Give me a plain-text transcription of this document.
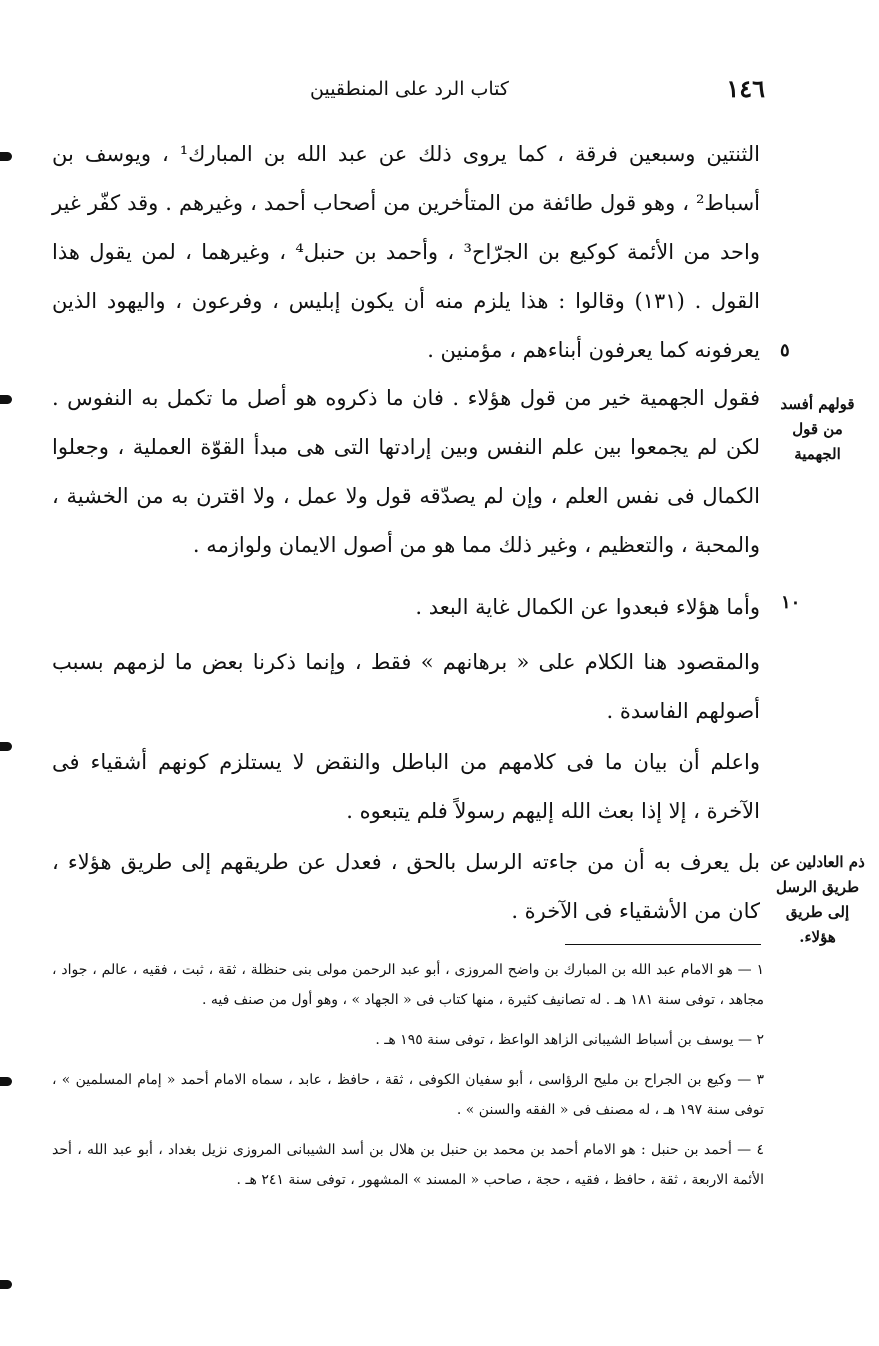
١٤٦
كتاب الرد على المنطقيين
٥
١٠
قولهم أفسد من قول الجهمية
ذم العادلين عن طريق الرسل إلى طريق هؤلاء.

الثنتين وسبعين فرقة ، كما يروى ذلك عن عبد الله بن المبارك¹ ، ويوسف بن أسباط² ، وهو قول طائفة من المتأخرين من أصحاب أحمد ، وغيرهم . وقد كفّر غير واحد من الأئمة كوكيع بن الجرّاح³ ، وأحمد بن حنبل⁴ ، وغيرهما ، لمن يقول هذا القول . (١٣١) وقالوا : هذا يلزم منه أن يكون إبليس ، وفرعون ، واليهود الذين يعرفونه كما يعرفون أبناءهم ، مؤمنين .

فقول الجهمية خير من قول هؤلاء . فان ما ذكروه هو أصل ما تكمل به النفوس . لكن لم يجمعوا بين علم النفس وبين إرادتها التى هى مبدأ القوّة العملية ، وجعلوا الكمال فى نفس العلم ، وإن لم يصدّقه قول ولا عمل ، ولا اقترن به من الخشية ، والمحبة ، والتعظيم ، وغير ذلك مما هو من أصول الايمان ولوازمه .

وأما هؤلاء فبعدوا عن الكمال غاية البعد .

والمقصود هنا الكلام على « برهانهم » فقط ، وإنما ذكرنا بعض ما لزمهم بسبب أصولهم الفاسدة .

واعلم أن بيان ما فى كلامهم من الباطل والنقض لا يستلزم كونهم أشقياء فى الآخرة ، إلا إذا بعث الله إليهم رسولاً فلم يتبعوه .

بل يعرف به أن من جاءته الرسل بالحق ، فعدل عن طريقهم إلى طريق هؤلاء ، كان من الأشقياء فى الآخرة .

١ — هو الامام عبد الله بن المبارك بن واضح المروزى ، أبو عبد الرحمن مولى بنى حنظلة ، ثقة ، ثبت ، فقيه ، عالم ، جواد ، مجاهد ، توفى سنة ١٨١ هـ . له تصانيف كثيرة ، منها كتاب فى « الجهاد » ، وهو أول من صنف فيه .

٢ — يوسف بن أسباط الشيبانى الزاهد الواعظ ، توفى سنة ١٩٥ هـ .

٣ — وكيع بن الجراح بن مليح الرؤاسى ، أبو سفيان الكوفى ، ثقة ، حافظ ، عابد ، سماه الامام أحمد « إمام المسلمين » ، توفى سنة ١٩٧ هـ ، له مصنف فى « الفقه والسنن » .

٤ — أحمد بن حنبل : هو الامام أحمد بن محمد بن حنبل بن هلال بن أسد الشيبانى المروزى نزيل بغداد ، أبو عبد الله ، أحد الأئمة الاربعة ، ثقة ، حافظ ، فقيه ، حجة ، صاحب « المسند » المشهور ، توفى سنة ٢٤١ هـ .
